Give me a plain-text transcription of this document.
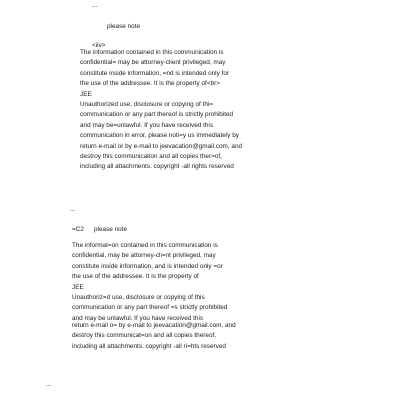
...
please note
<iiv>
The information contained in this communication is
confidential= may be attorney-client privileged, may
constitute inside information, =nd is intended only for
the use of the addressee. It is the property of<br>
JEE
Unauthorized use, disclosure or copying of thi=
communication or any part thereof is strictly prohibited
and may be=unlawful. If you have received this
communication in error, please noti=y us immediately by
return e-mail or by e-mail to jeevacation@gmail.com, and
destroy this communication and all copies ther=of,
including all attachments. copyright -all rights reserved
...
=C2 please note
The informat=on contained in this communication is
confidential, may be attorney-cli=nt privileged, may
constitute inside information, and is intended only =or
the use of the addressee. It is the property of
JEE
Unauthoriz=d use, disclosure or copying of this
communication or any part thereof =s strictly prohibited
and may be unlawful. If you have received this
return e-mail o= by e-mail to jeevacation@gmail.com, and
destroy this communicat=on and all copies thereof,
including all attachments. copyright -all ri=hts reserved
...
